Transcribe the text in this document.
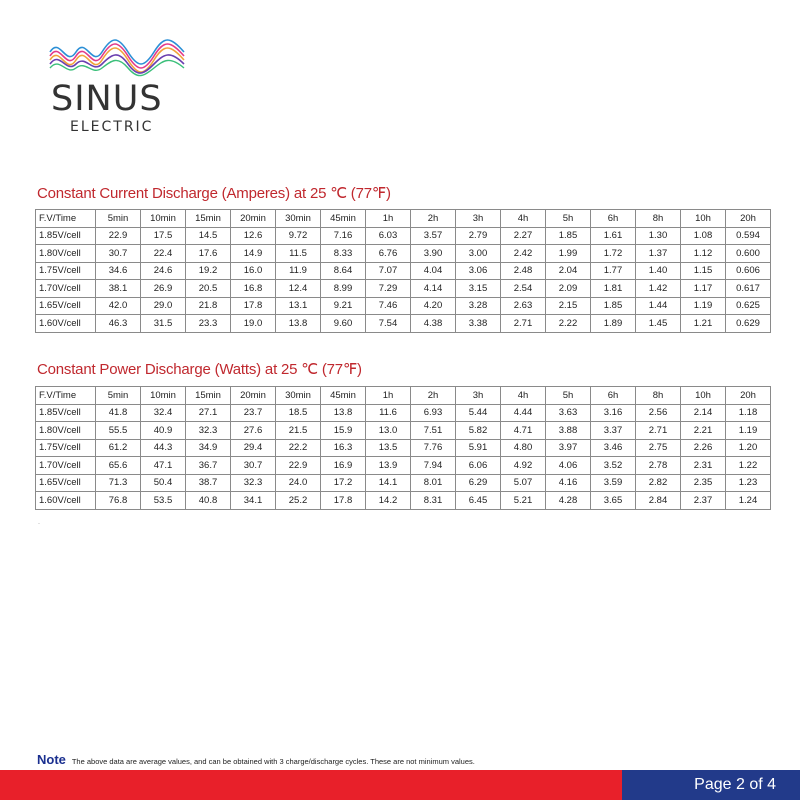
SINUS
ELECTRIC
Constant Current Discharge (Amperes) at 25 ℃ (77℉)
F.V/Time	5min	10min	15min	20min	30min	45min	1h	2h	3h	4h	5h	6h	8h	10h	20h
1.85V/cell	22.9	17.5	14.5	12.6	9.72	7.16	6.03	3.57	2.79	2.27	1.85	1.61	1.30	1.08	0.594
1.80V/cell	30.7	22.4	17.6	14.9	11.5	8.33	6.76	3.90	3.00	2.42	1.99	1.72	1.37	1.12	0.600
1.75V/cell	34.6	24.6	19.2	16.0	11.9	8.64	7.07	4.04	3.06	2.48	2.04	1.77	1.40	1.15	0.606
1.70V/cell	38.1	26.9	20.5	16.8	12.4	8.99	7.29	4.14	3.15	2.54	2.09	1.81	1.42	1.17	0.617
1.65V/cell	42.0	29.0	21.8	17.8	13.1	9.21	7.46	4.20	3.28	2.63	2.15	1.85	1.44	1.19	0.625
1.60V/cell	46.3	31.5	23.3	19.0	13.8	9.60	7.54	4.38	3.38	2.71	2.22	1.89	1.45	1.21	0.629
Constant Power Discharge (Watts) at 25 ℃ (77℉)
F.V/Time	5min	10min	15min	20min	30min	45min	1h	2h	3h	4h	5h	6h	8h	10h	20h
1.85V/cell	41.8	32.4	27.1	23.7	18.5	13.8	11.6	6.93	5.44	4.44	3.63	3.16	2.56	2.14	1.18
1.80V/cell	55.5	40.9	32.3	27.6	21.5	15.9	13.0	7.51	5.82	4.71	3.88	3.37	2.71	2.21	1.19
1.75V/cell	61.2	44.3	34.9	29.4	22.2	16.3	13.5	7.76	5.91	4.80	3.97	3.46	2.75	2.26	1.20
1.70V/cell	65.6	47.1	36.7	30.7	22.9	16.9	13.9	7.94	6.06	4.92	4.06	3.52	2.78	2.31	1.22
1.65V/cell	71.3	50.4	38.7	32.3	24.0	17.2	14.1	8.01	6.29	5.07	4.16	3.59	2.82	2.35	1.23
1.60V/cell	76.8	53.5	40.8	34.1	25.2	17.8	14.2	8.31	6.45	5.21	4.28	3.65	2.84	2.37	1.24
·
Note The above data are average values, and can be obtained with 3 charge/discharge cycles. These are not minimum values.
Page 2 of 4
